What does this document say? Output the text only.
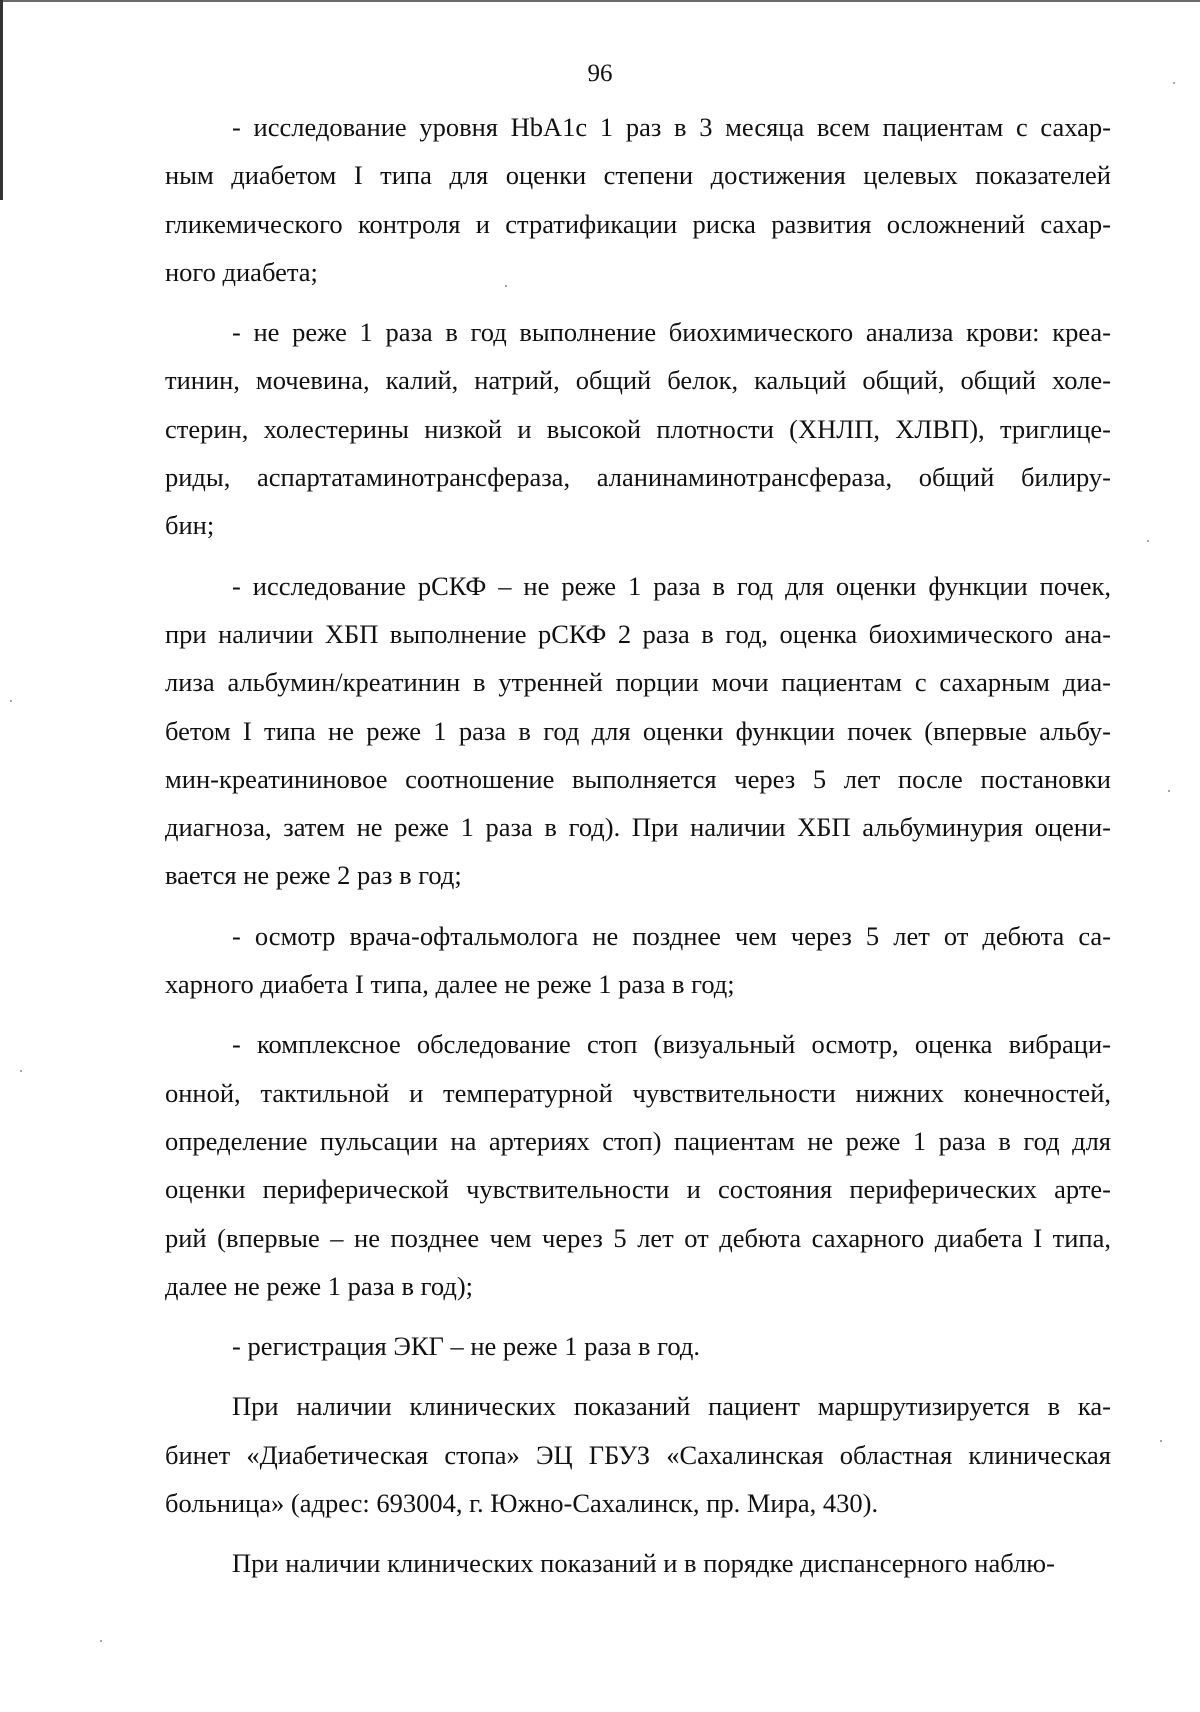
96
- исследование уровня HbA1c 1 раз в 3 месяца всем пациентам с сахар-
ным диабетом I типа для оценки степени достижения целевых показателей
гликемического контроля и стратификации риска развития осложнений сахар-
ного диабета;
- не реже 1 раза в год выполнение биохимического анализа крови: креа-
тинин, мочевина, калий, натрий, общий белок, кальций общий, общий холе-
стерин, холестерины низкой и высокой плотности (ХНЛП, ХЛВП), триглице-
риды, аспартатаминотрансфераза, аланинаминотрансфераза, общий билиру-
бин;
- исследование рСКФ – не реже 1 раза в год для оценки функции почек,
при наличии ХБП выполнение рСКФ 2 раза в год, оценка биохимического ана-
лиза альбумин/креатинин в утренней порции мочи пациентам с сахарным диа-
бетом I типа не реже 1 раза в год для оценки функции почек (впервые альбу-
мин-креатининовое соотношение выполняется через 5 лет после постановки
диагноза, затем не реже 1 раза в год). При наличии ХБП альбуминурия оцени-
вается не реже 2 раз в год;
- осмотр врача-офтальмолога не позднее чем через 5 лет от дебюта са-
харного диабета I типа, далее не реже 1 раза в год;
- комплексное обследование стоп (визуальный осмотр, оценка вибраци-
онной, тактильной и температурной чувствительности нижних конечностей,
определение пульсации на артериях стоп) пациентам не реже 1 раза в год для
оценки периферической чувствительности и состояния периферических арте-
рий (впервые – не позднее чем через 5 лет от дебюта сахарного диабета I типа,
далее не реже 1 раза в год);
- регистрация ЭКГ – не реже 1 раза в год.
При наличии клинических показаний пациент маршрутизируется в ка-
бинет «Диабетическая стопа» ЭЦ ГБУЗ «Сахалинская областная клиническая
больница» (адрес: 693004, г. Южно-Сахалинск, пр. Мира, 430).
При наличии клинических показаний и в порядке диспансерного наблю-
